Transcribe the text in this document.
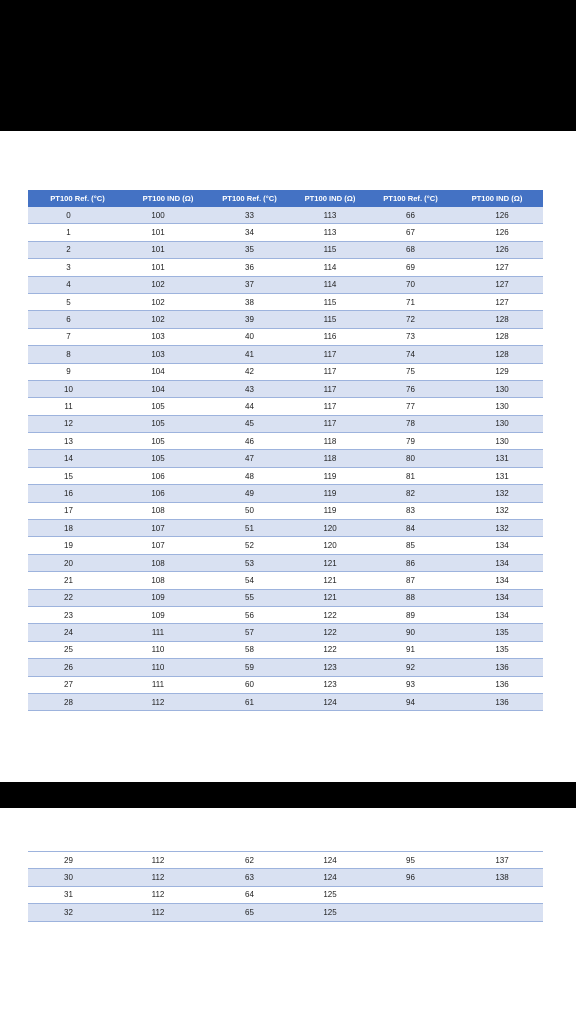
PT100 Ref. (°C)	PT100 IND (Ω)	PT100 Ref. (°C)	PT100 IND (Ω)	PT100 Ref. (°C)	PT100 IND (Ω)
0	100	33	113	66	126
1	101	34	113	67	126
2	101	35	115	68	126
3	101	36	114	69	127
4	102	37	114	70	127
5	102	38	115	71	127
6	102	39	115	72	128
7	103	40	116	73	128
8	103	41	117	74	128
9	104	42	117	75	129
10	104	43	117	76	130
11	105	44	117	77	130
12	105	45	117	78	130
13	105	46	118	79	130
14	105	47	118	80	131
15	106	48	119	81	131
16	106	49	119	82	132
17	108	50	119	83	132
18	107	51	120	84	132
19	107	52	120	85	134
20	108	53	121	86	134
21	108	54	121	87	134
22	109	55	121	88	134
23	109	56	122	89	134
24	111	57	122	90	135
25	110	58	122	91	135
26	110	59	123	92	136
27	111	60	123	93	136
28	112	61	124	94	136
29	112	62	124	95	137
30	112	63	124	96	138
31	112	64	125		
32	112	65	125		
